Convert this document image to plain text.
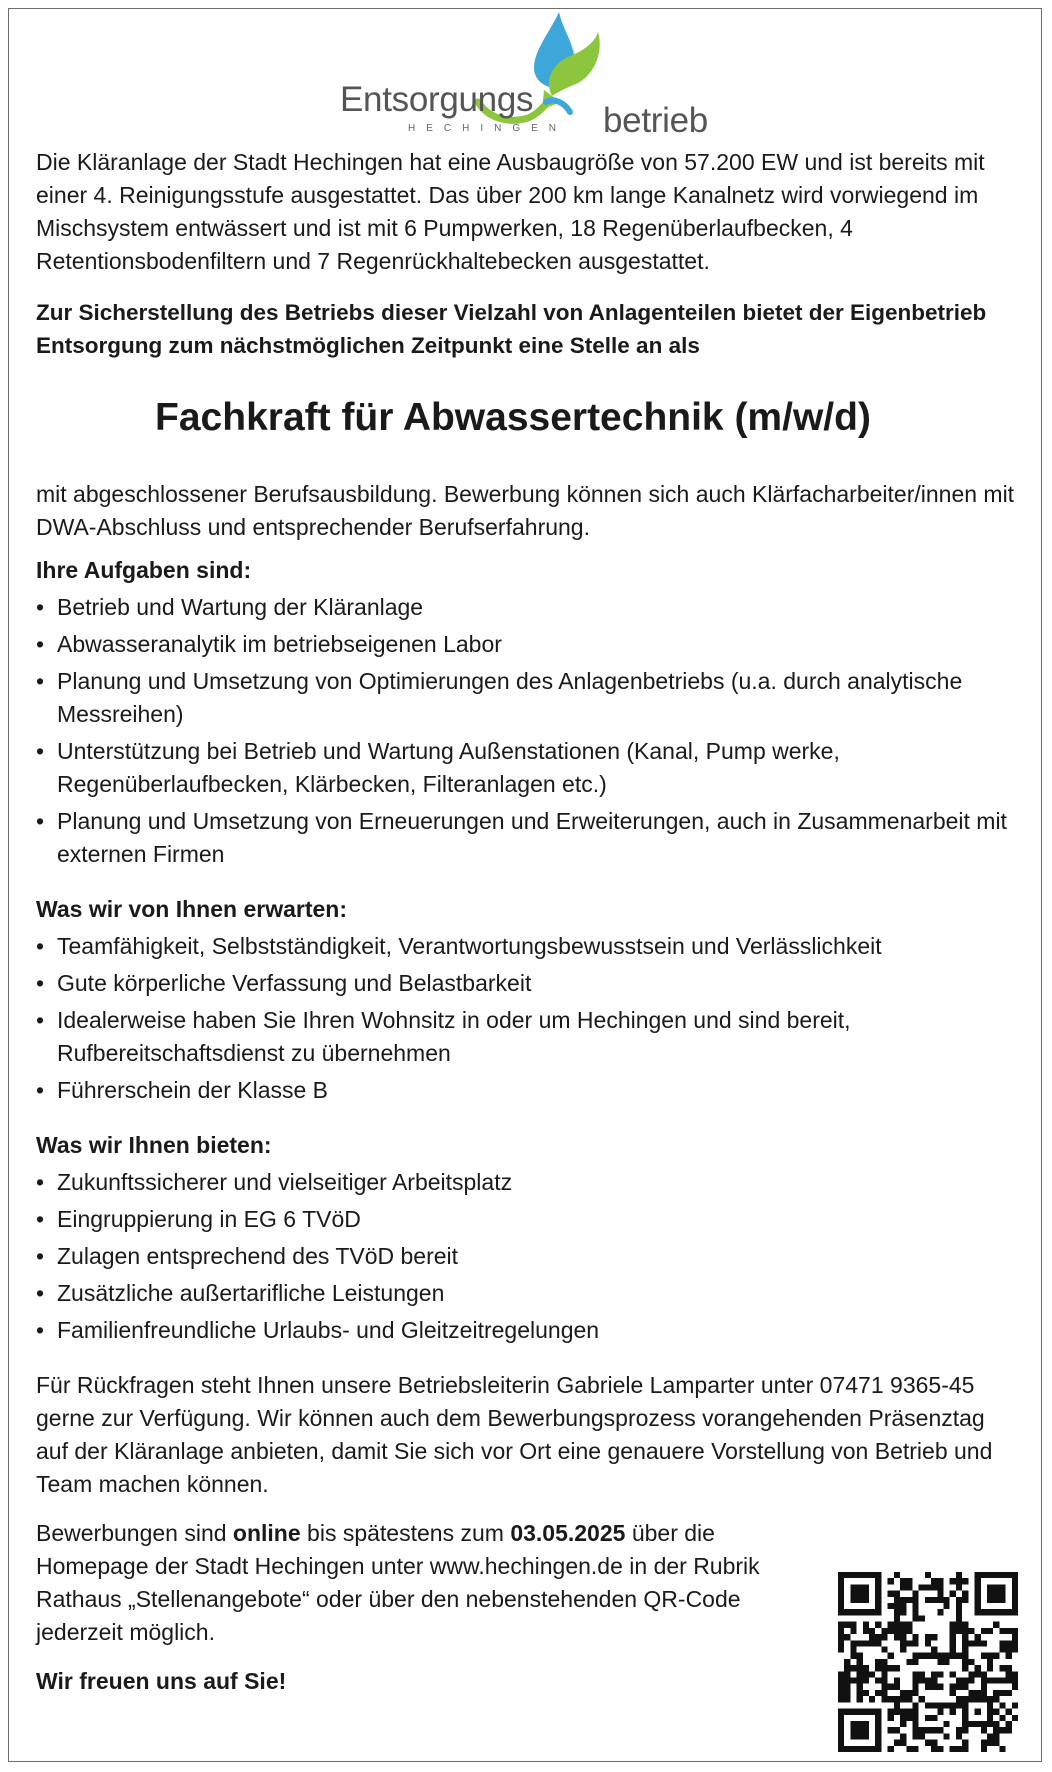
Entsorgungs
HECHINGEN betrieb

Die Kläranlage der Stadt Hechingen hat eine Ausbaugröße von 57.200 EW und ist bereits mit einer 4. Reinigungsstufe ausgestattet. Das über 200 km lange Kanalnetz wird vorwiegend im Mischsystem entwässert und ist mit 6 Pumpwerken, 18 Regenüberlaufbecken, 4 Retentionsbodenfiltern und 7 Regenrückhaltebecken ausgestattet.

Zur Sicherstellung des Betriebs dieser Vielzahl von Anlagenteilen bietet der Eigenbetrieb Entsorgung zum nächstmöglichen Zeitpunkt eine Stelle an als

Fachkraft für Abwassertechnik (m/w/d)

mit abgeschlossener Berufsausbildung. Bewerbung können sich auch Klärfacharbeiter/innen mit DWA-Abschluss und entsprechender Berufserfahrung.

Ihre Aufgaben sind:
• Betrieb und Wartung der Kläranlage
• Abwasseranalytik im betriebseigenen Labor
• Planung und Umsetzung von Optimierungen des Anlagenbetriebs (u.a. durch analytische Messreihen)
• Unterstützung bei Betrieb und Wartung Außenstationen (Kanal, Pump werke, Regenüberlaufbecken, Klärbecken, Filteranlagen etc.)
• Planung und Umsetzung von Erneuerungen und Erweiterungen, auch in Zusammenarbeit mit externen Firmen
Was wir von Ihnen erwarten:
• Teamfähigkeit, Selbstständigkeit, Verantwortungsbewusstsein und Verlässlichkeit
• Gute körperliche Verfassung und Belastbarkeit
• Idealerweise haben Sie Ihren Wohnsitz in oder um Hechingen und sind bereit, Rufbereitschaftsdienst zu übernehmen
• Führerschein der Klasse B
Was wir Ihnen bieten:
• Zukunftssicherer und vielseitiger Arbeitsplatz
• Eingruppierung in EG 6 TVöD
• Zulagen entsprechend des TVöD bereit
• Zusätzliche außertarifliche Leistungen
• Familienfreundliche Urlaubs- und Gleitzeitregelungen

Für Rückfragen steht Ihnen unsere Betriebsleiterin Gabriele Lamparter unter 07471 9365-45 gerne zur Verfügung. Wir können auch dem Bewerbungsprozess vorangehenden Präsenztag auf der Kläranlage anbieten, damit Sie sich vor Ort eine genauere Vorstellung von Betrieb und Team machen können.

Bewerbungen sind online bis spätestens zum 03.05.2025 über die Homepage der Stadt Hechingen unter www.hechingen.de in der Rubrik Rathaus „Stellenangebote“ oder über den nebenstehenden QR-Code jederzeit möglich.

Wir freuen uns auf Sie!
